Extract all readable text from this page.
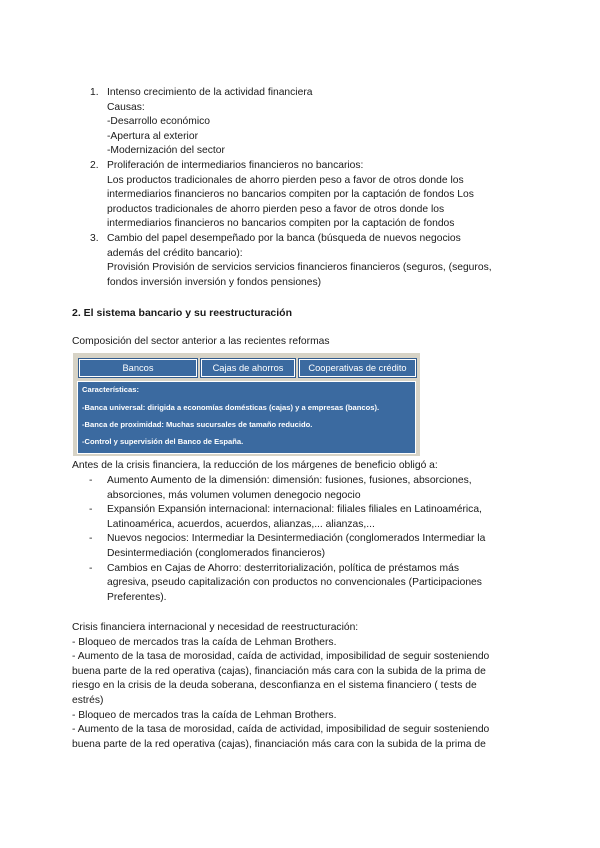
1. Intenso crecimiento de la actividad financiera
Causas:
-Desarrollo económico
-Apertura al exterior
-Modernización del sector
2. Proliferación de intermediarios financieros no bancarios:
Los productos tradicionales de ahorro pierden peso a favor de otros donde los
intermediarios financieros no bancarios compiten por la captación de fondos Los
productos tradicionales de ahorro pierden peso a favor de otros donde los
intermediarios financieros no bancarios compiten por la captación de fondos
3. Cambio del papel desempeñado por la banca (búsqueda de nuevos negocios
además del crédito bancario):
Provisión Provisión de servicios servicios financieros financieros (seguros, (seguros,
fondos inversión inversión y fondos pensiones)
2. El sistema bancario y su reestructuración
Composición del sector anterior a las recientes reformas
Bancos	Cajas de ahorros	Cooperativas de crédito
Características:
-Banca universal: dirigida a economías domésticas (cajas) y a empresas (bancos).
-Banca de proximidad: Muchas sucursales de tamaño reducido.
-Control y supervisión del Banco de España.
Antes de la crisis financiera, la reducción de los márgenes de beneficio obligó a:
- Aumento Aumento de la dimensión: dimensión: fusiones, fusiones, absorciones,
absorciones, más volumen volumen denegocio negocio
- Expansión Expansión internacional: internacional: filiales filiales en Latinoamérica,
Latinoamérica, acuerdos, acuerdos, alianzas,... alianzas,...
- Nuevos negocios: Intermediar la Desintermediación (conglomerados Intermediar la
Desintermediación (conglomerados financieros)
- Cambios en Cajas de Ahorro: desterritorialización, política de préstamos más
agresiva, pseudo capitalización con productos no convencionales (Participaciones
Preferentes).
Crisis financiera internacional y necesidad de reestructuración:
- Bloqueo de mercados tras la caída de Lehman Brothers.
- Aumento de la tasa de morosidad, caída de actividad, imposibilidad de seguir sosteniendo
buena parte de la red operativa (cajas), financiación más cara con la subida de la prima de
riesgo en la crisis de la deuda soberana, desconfianza en el sistema financiero ( tests de
estrés)
- Bloqueo de mercados tras la caída de Lehman Brothers.
- Aumento de la tasa de morosidad, caída de actividad, imposibilidad de seguir sosteniendo
buena parte de la red operativa (cajas), financiación más cara con la subida de la prima de
